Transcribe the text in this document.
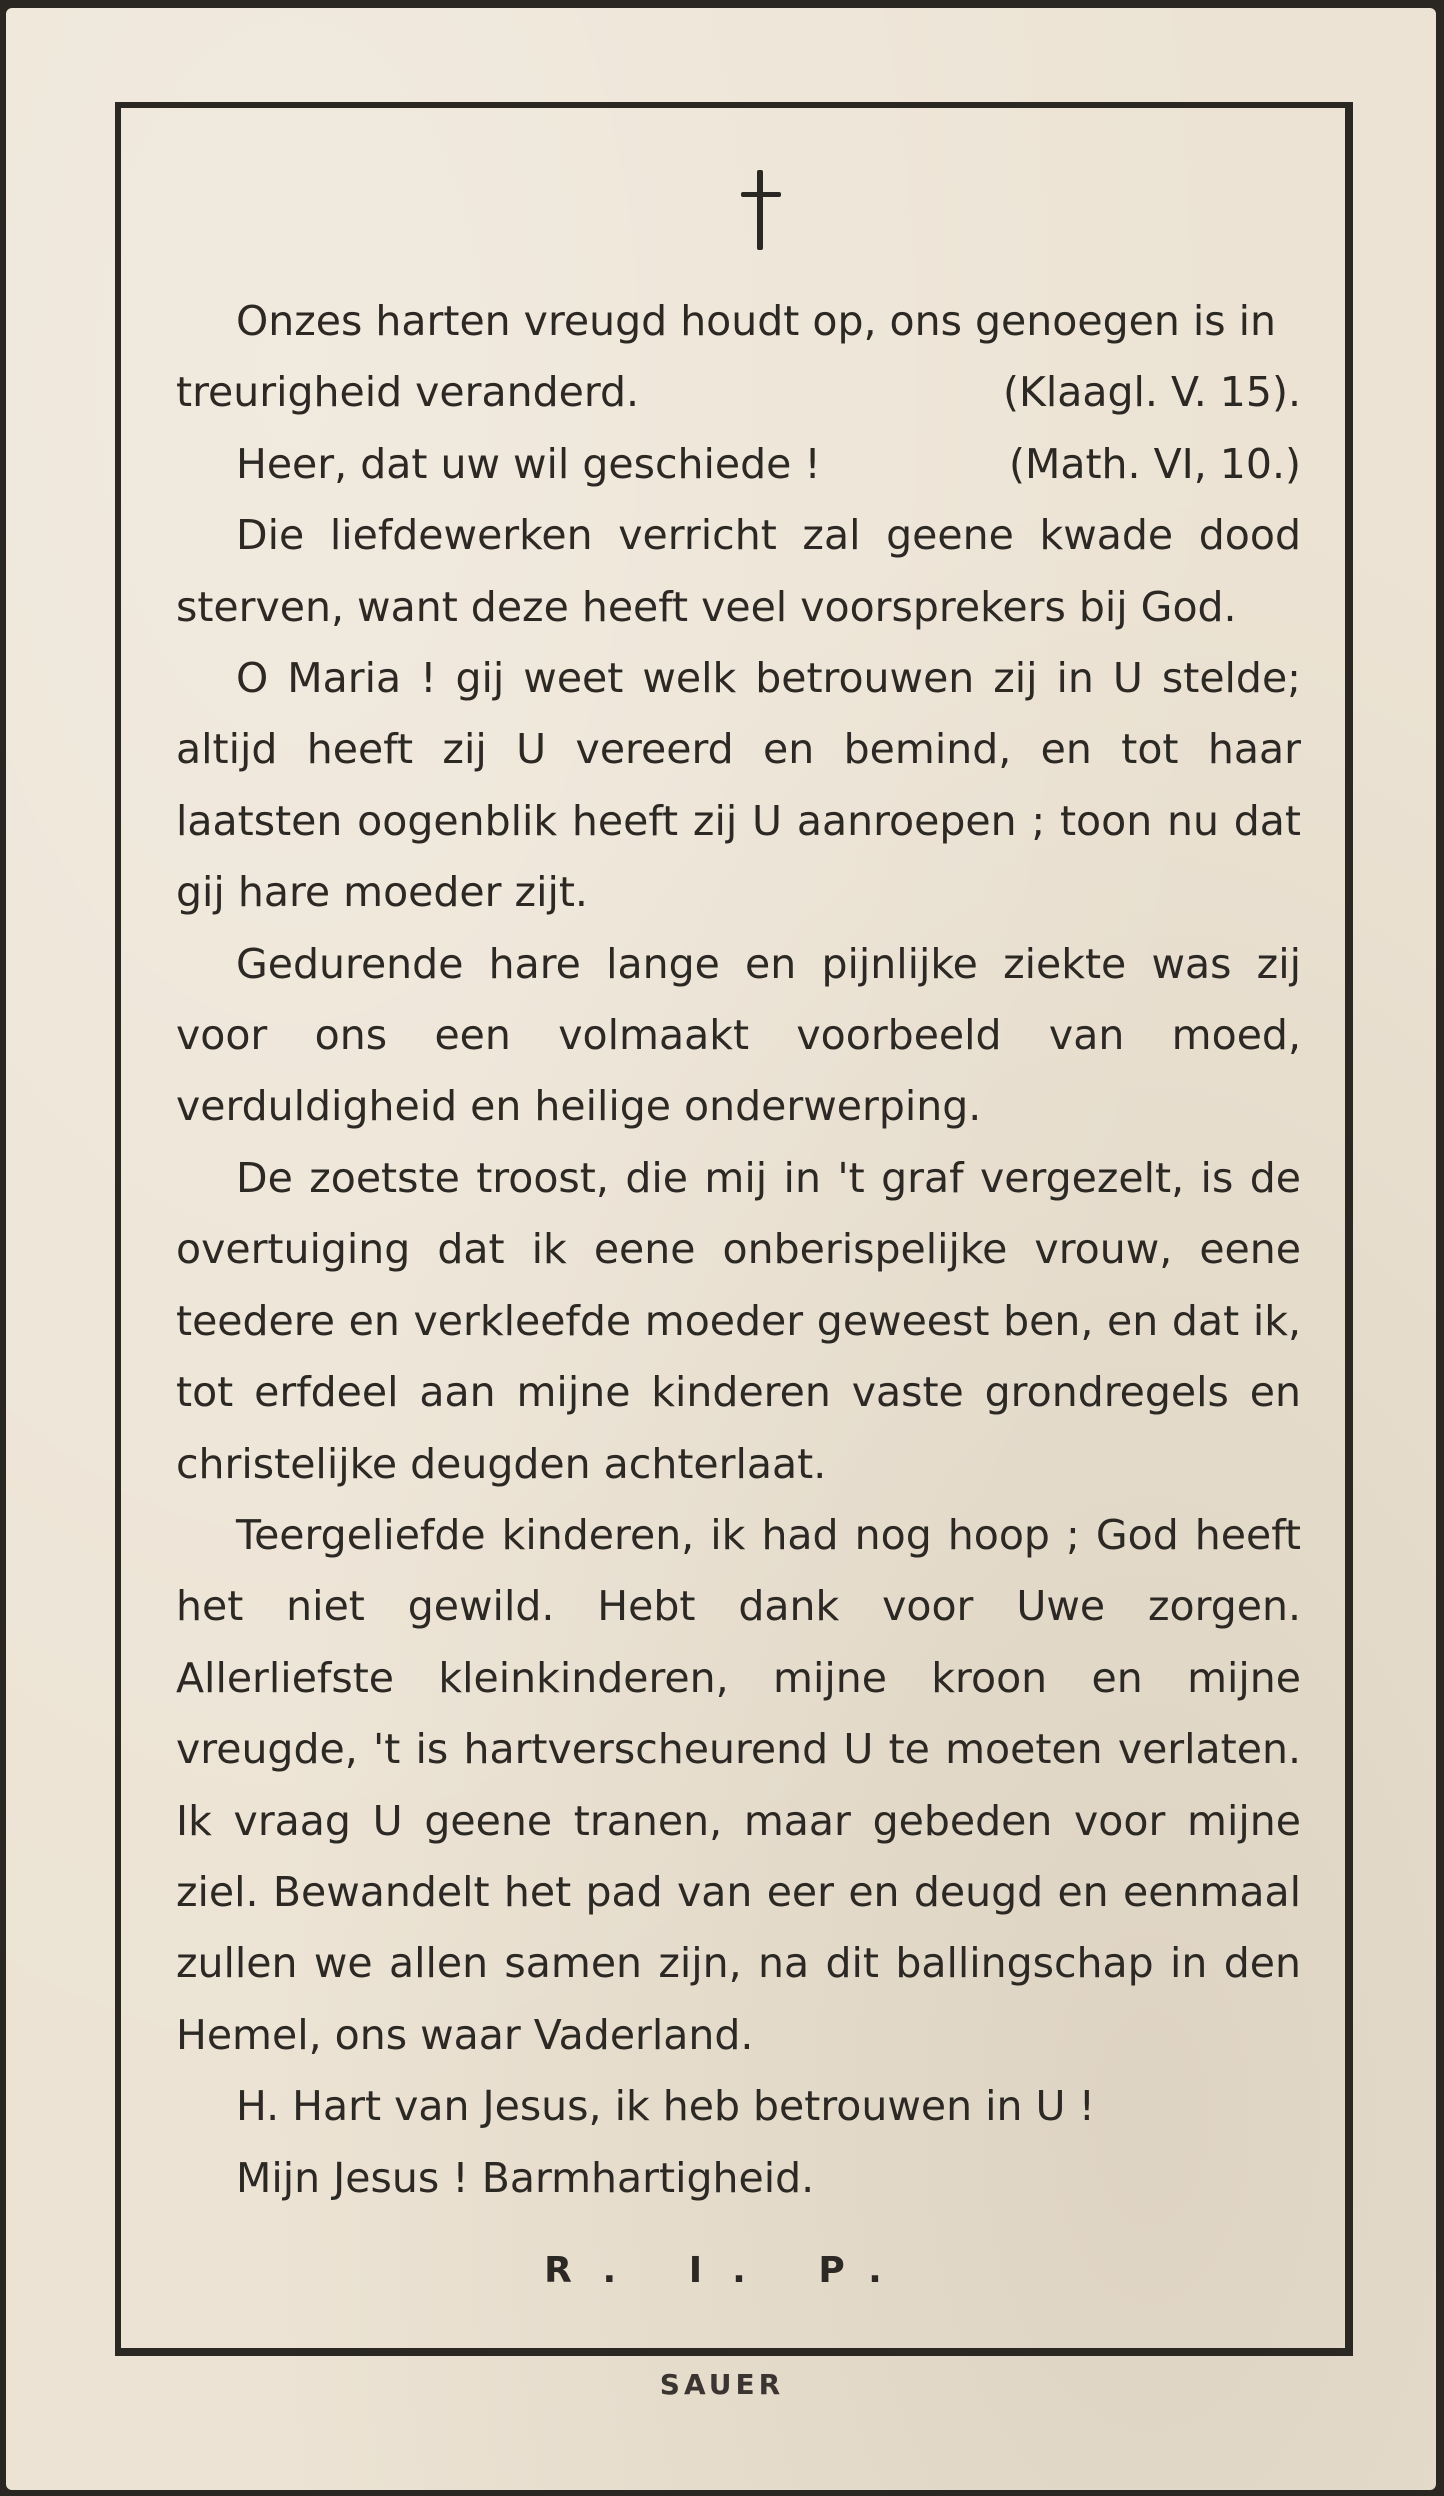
Onzes harten vreugd houdt op, ons genoegen is in
treurigheid veranderd.	(Klaagl. V. 15).

Heer, dat uw wil geschiede !	(Math. VI, 10.)

Die liefdewerken verricht zal geene kwade dood sterven, want deze heeft veel voorsprekers bij God.

O Maria ! gij weet welk betrouwen zij in U stelde; altijd heeft zij U vereerd en bemind, en tot haar laatsten oogenblik heeft zij U aanroepen ; toon nu dat gij hare moeder zijt.

Gedurende hare lange en pijnlijke ziekte was zij voor ons een volmaakt voorbeeld van moed, verduldigheid en heilige onderwerping.

De zoetste troost, die mij in 't graf vergezelt, is de overtuiging dat ik eene onberispelijke vrouw, eene teedere en verkleefde moeder geweest ben, en dat ik, tot erfdeel aan mijne kinderen vaste grondregels en christelijke deugden achterlaat.

Teergeliefde kinderen, ik had nog hoop ; God heeft het niet gewild. Hebt dank voor Uwe zorgen. Allerliefste kleinkinderen, mijne kroon en mijne vreugde, 't is hartverscheurend U te moeten verlaten. Ik vraag U geene tranen, maar gebeden voor mijne ziel. Bewandelt het pad van eer en deugd en eenmaal zullen we allen samen zijn, na dit ballingschap in den Hemel, ons waar Vaderland.

H. Hart van Jesus, ik heb betrouwen in U !

Mijn Jesus ! Barmhartigheid.

R. I. P.
SAUER
